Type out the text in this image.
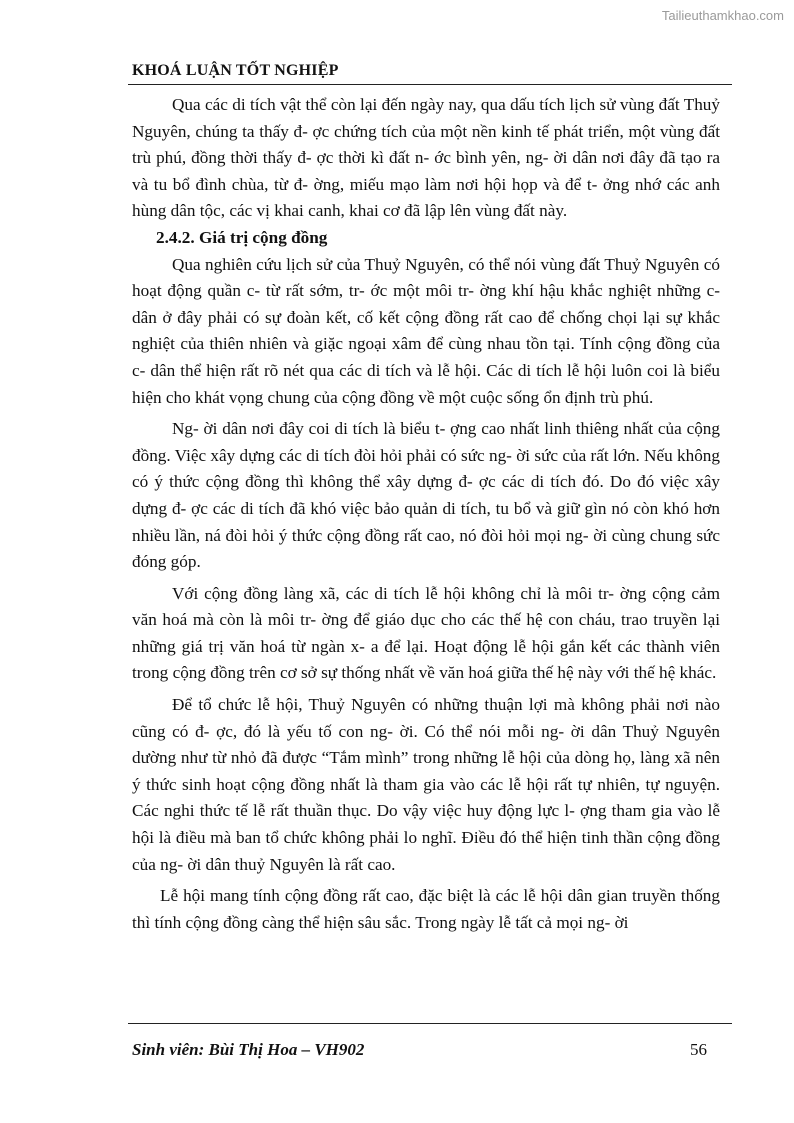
Tailieuthamkhao.com
KHOÁ LUẬN TỐT NGHIỆP

Qua các di tích vật thể còn lại đến ngày nay, qua dấu tích lịch sử vùng đất Thuỷ Nguyên, chúng ta thấy đ- ợc chứng tích của một nền kinh tế phát triển, một vùng đất trù phú, đồng thời thấy đ- ợc thời kì đất n- ớc bình yên, ng- ời dân nơi đây đã tạo ra và tu bổ đình chùa, từ đ- ờng, miếu mạo làm nơi hội họp và để t- ởng nhớ các anh hùng dân tộc, các vị khai canh, khai cơ đã lập lên vùng đất này.

2.4.2. Giá trị cộng đồng

Qua nghiên cứu lịch sử của Thuỷ Nguyên, có thể nói vùng đất Thuỷ Nguyên có hoạt động quần c- từ rất sớm, tr- ớc một môi tr- ờng khí hậu khắc nghiệt những c- dân ở đây phải có sự đoàn kết, cố kết cộng đồng rất cao để chống chọi lại sự khắc nghiệt của thiên nhiên và giặc ngoại xâm để cùng nhau tồn tại. Tính cộng đồng của c- dân thể hiện rất rõ nét qua các di tích và lễ hội. Các di tích lễ hội luôn coi là biểu hiện cho khát vọng chung của cộng đồng về một cuộc sống ổn định trù phú.

Ng- ời dân nơi đây coi di tích là biểu t- ợng cao nhất linh thiêng nhất của cộng đồng. Việc xây dựng các di tích đòi hỏi phải có sức ng- ời sức của rất lớn. Nếu không có ý thức cộng đồng thì không thể xây dựng đ- ợc các di tích đó. Do đó việc xây dựng đ- ợc các di tích đã khó việc bảo quản di tích, tu bổ và giữ gìn nó còn khó hơn nhiều lần, ná đòi hỏi ý thức cộng đồng rất cao, nó đòi hỏi mọi ng- ời cùng chung sức đóng góp.

Với cộng đồng làng xã, các di tích lễ hội không chỉ là môi tr- ờng cộng cảm văn hoá mà còn là môi tr- ờng để giáo dục cho các thế hệ con cháu, trao truyền lại những giá trị văn hoá từ ngàn x- a để lại. Hoạt động lễ hội gắn kết các thành viên trong cộng đồng trên cơ sở sự thống nhất về văn hoá giữa thế hệ này với thế hệ khác.

Để tổ chức lễ hội, Thuỷ Nguyên có những thuận lợi mà không phải nơi nào cũng có đ- ợc, đó là yếu tố con ng- ời. Có thể nói mỗi ng- ời dân Thuỷ Nguyên dường như từ nhỏ đã được “Tắm mình” trong những lễ hội của dòng họ, làng xã nên ý thức sinh hoạt cộng đồng nhất là tham gia vào các lễ hội rất tự nhiên, tự nguyện. Các nghi thức tế lễ rất thuần thục. Do vậy việc huy động lực l- ợng tham gia vào lễ hội là điều mà ban tổ chức không phải lo nghĩ. Điều đó thể hiện tinh thần cộng đồng của ng- ời dân thuỷ Nguyên là rất cao.

Lễ hội mang tính cộng đồng rất cao, đặc biệt là các lễ hội dân gian truyền thống thì tính cộng đồng càng thể hiện sâu sắc. Trong ngày lễ tất cả mọi ng- ời

Sinh viên: Bùi Thị Hoa – VH902	56
